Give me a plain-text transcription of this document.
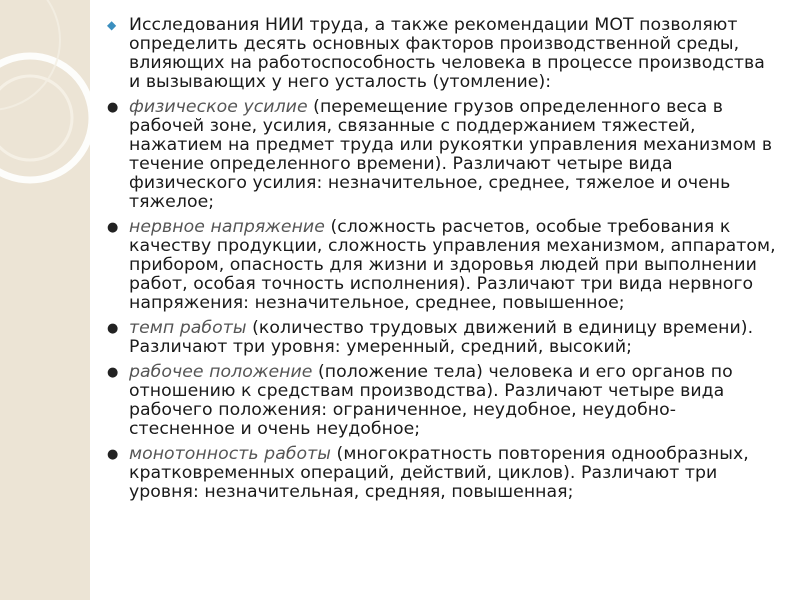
◆ Исследования НИИ труда, а также рекомендации МОТ позволяют определить десять основных факторов производственной среды, влияющих на работоспособность человека в процессе производства и вызывающих у него усталость (утомление):
● физическое усилие (перемещение грузов определенного веса в рабочей зоне, усилия, связанные с поддержанием тяжестей, нажатием на предмет труда или рукоятки управления механизмом в течение определенного времени). Различают четыре вида физического усилия: незначительное, среднее, тяжелое и очень тяжелое;
● нервное напряжение (сложность расчетов, особые требования к качеству продукции, сложность управления механизмом, аппаратом, прибором, опасность для жизни и здоровья людей при выполнении работ, особая точность исполнения). Различают три вида нервного напряжения: незначительное, среднее, повышенное;
● темп работы (количество трудовых движений в единицу времени). Различают три уровня: умеренный, средний, высокий;
● рабочее положение (положение тела) человека и его органов по отношению к средствам производства). Различают четыре вида рабочего положения: ограниченное, неудобное, неудобно-стесненное и очень неудобное;
● монотонность работы (многократность повторения однообразных, кратковременных операций, действий, циклов). Различают три уровня: незначительная, средняя, повышенная;
